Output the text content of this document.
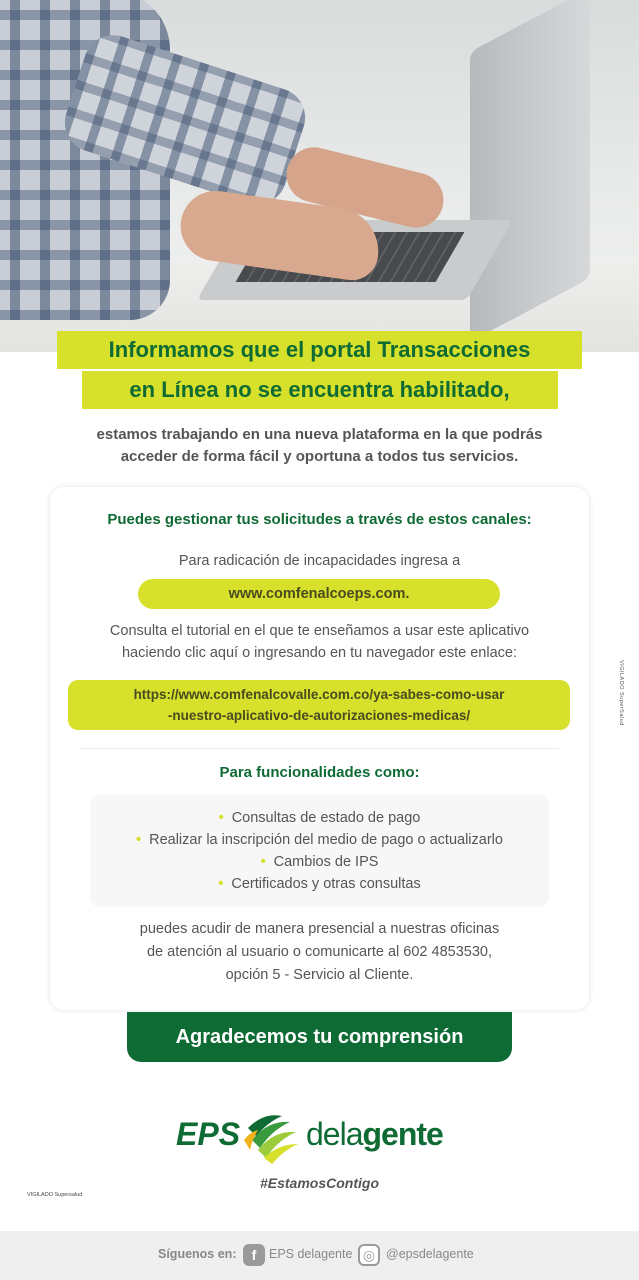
Informamos que el portal Transacciones
en Línea no se encuentra habilitado,
estamos trabajando en una nueva plataforma en la que podrás
acceder de forma fácil y oportuna a todos tus servicios.
Puedes gestionar tus solicitudes a través de estos canales:
Para radicación de incapacidades ingresa a
www.comfenalcoeps.com.
Consulta el tutorial en el que te enseñamos a usar este aplicativo
haciendo clic aquí o ingresando en tu navegador este enlace:
https://www.comfenalcovalle.com.co/ya-sabes-como-usar
-nuestro-aplicativo-de-autorizaciones-medicas/
Para funcionalidades como:
• Consultas de estado de pago
• Realizar la inscripción del medio de pago o actualizarlo
• Cambios de IPS
• Certificados y otras consultas
puedes acudir de manera presencial a nuestras oficinas
de atención al usuario o comunicarte al 602 4853530,
opción 5 - Servicio al Cliente.
Agradecemos tu comprensión
VIGILADO SuperSalud
EPS delagente
#EstamosContigo
VIGILADO Supersalud
Síguenos en:	f	EPS delagente ◎ @epsdelagente
